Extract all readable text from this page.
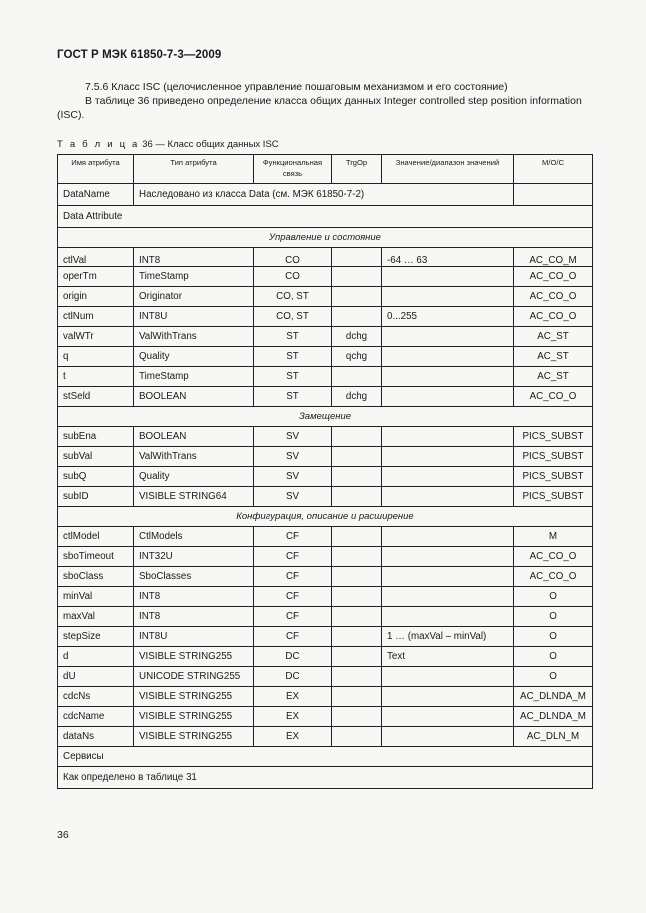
ГОСТ Р МЭК 61850-7-3—2009
7.5.6 Класс ISC (целочисленное управление пошаговым механизмом и его состояние)
В таблице 36 приведено определение класса общих данных Integer controlled step position information (ISC).
Т а б л и ц а 36 — Класс общих данных ISC
Имя атрибута	Тип атрибута	Функциональная связь	TrgOp	Значение/диапазон значений	M/O/C
DataName	Наследовано из класса Data (см. МЭК 61850-7-2)				
Data Attribute					
Управление и состояние					
ctlVal	INT8	CO		-64 … 63	AC_CO_M
operTm	TimeStamp	CO			AC_CO_O
origin	Originator	CO, ST			AC_CO_O
ctlNum	INT8U	CO, ST		0...255	AC_CO_O
valWTr	ValWithTrans	ST	dchg		AC_ST
q	Quality	ST	qchg		AC_ST
t	TimeStamp	ST			AC_ST
stSeld	BOOLEAN	ST	dchg		AC_CO_O
Замещение					
subEna	BOOLEAN	SV			PICS_SUBST
subVal	ValWithTrans	SV			PICS_SUBST
subQ	Quality	SV			PICS_SUBST
subID	VISIBLE STRING64	SV			PICS_SUBST
Конфигурация, описание и расширение					
ctlModel	CtlModels	CF			M
sboTimeout	INT32U	CF			AC_CO_O
sboClass	SboClasses	CF			AC_CO_O
minVal	INT8	CF			O
maxVal	INT8	CF			O
stepSize	INT8U	CF		1 … (maxVal – minVal)	O
d	VISIBLE STRING255	DC		Text	O
dU	UNICODE STRING255	DC			O
cdcNs	VISIBLE STRING255	EX			AC_DLNDA_M
cdcName	VISIBLE STRING255	EX			AC_DLNDA_M
dataNs	VISIBLE STRING255	EX			AC_DLN_M
Сервисы					
Как определено в таблице 31					
36
